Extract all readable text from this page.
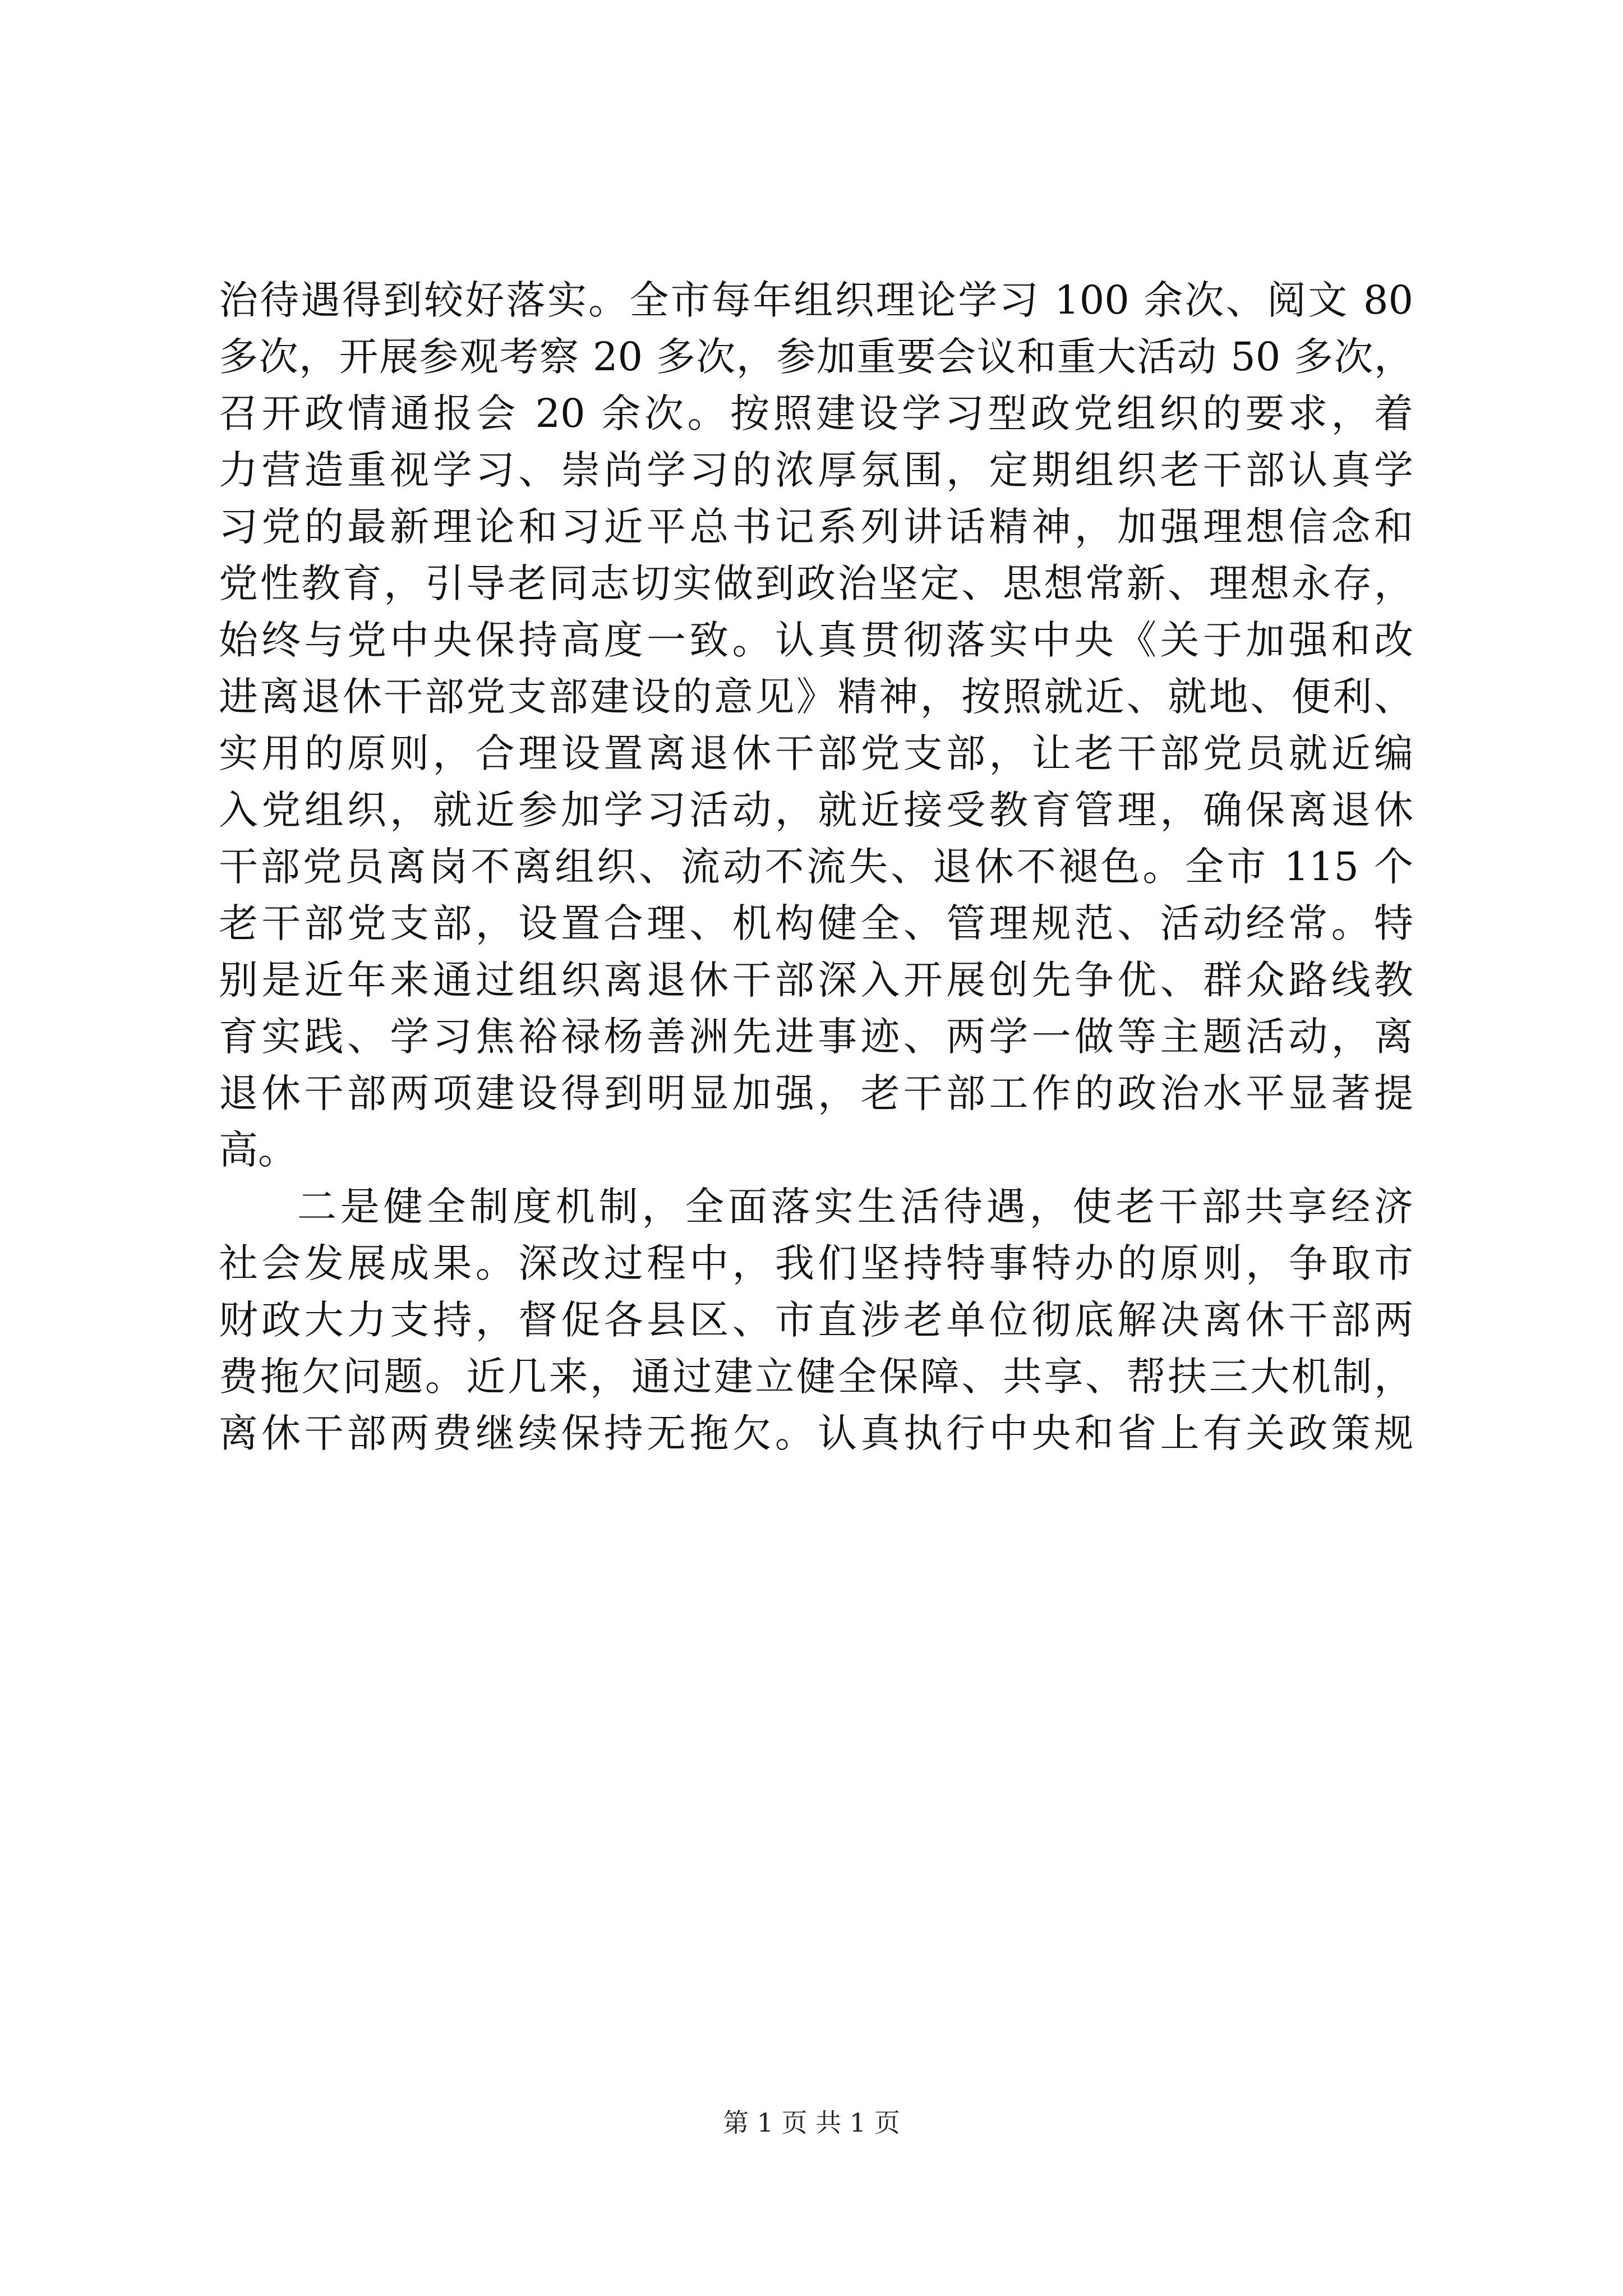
治待遇得到较好落实。全市每年组织理论学习 100 余次、阅文 80
多次，开展参观考察 20 多次，参加重要会议和重大活动 50 多次，
召开政情通报会 20 余次。按照建设学习型政党组织的要求，着
力营造重视学习、崇尚学习的浓厚氛围，定期组织老干部认真学
习党的最新理论和习近平总书记系列讲话精神，加强理想信念和
党性教育，引导老同志切实做到政治坚定、思想常新、理想永存，
始终与党中央保持高度一致。认真贯彻落实中央《关于加强和改
进离退休干部党支部建设的意见》精神，按照就近、就地、便利、
实用的原则，合理设置离退休干部党支部，让老干部党员就近编
入党组织，就近参加学习活动，就近接受教育管理，确保离退休
干部党员离岗不离组织、流动不流失、退休不褪色。全市 115 个
老干部党支部，设置合理、机构健全、管理规范、活动经常。特
别是近年来通过组织离退休干部深入开展创先争优、群众路线教
育实践、学习焦裕禄杨善洲先进事迹、两学一做等主题活动，离
退休干部两项建设得到明显加强，老干部工作的政治水平显著提
高。
二是健全制度机制，全面落实生活待遇，使老干部共享经济
社会发展成果。深改过程中，我们坚持特事特办的原则，争取市
财政大力支持，督促各县区、市直涉老单位彻底解决离休干部两
费拖欠问题。近几来，通过建立健全保障、共享、帮扶三大机制，
离休干部两费继续保持无拖欠。认真执行中央和省上有关政策规
第 1 页 共 1 页
